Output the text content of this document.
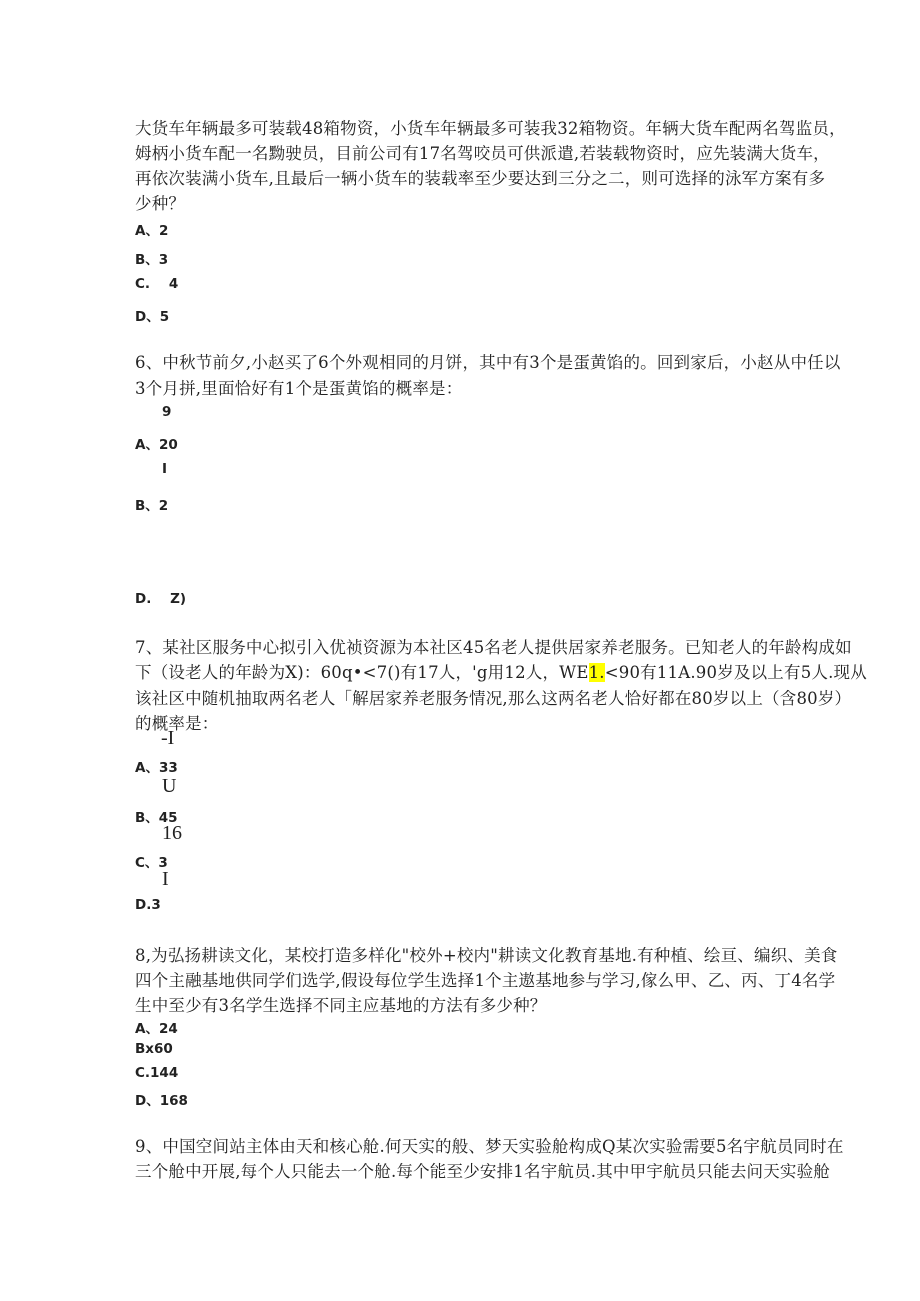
大货车年辆最多可装载48箱物资，小货车年辆最多可装我32箱物资。年辆大货车配两名驾监员，
姆柄小货车配一名黝驶员，目前公司有17名驾咬员可供派遣,若装载物资时，应先装满大货车，
再依次装满小货车,且最后一辆小货车的装载率至少要达到三分之二，则可选择的泳军方案有多
少种？
A、2
B、3
C.    4
D、5
6、中秋节前夕,小赵买了6个外观相同的月饼，其中有3个是蛋黄馅的。回到家后，小赵从中任以
3个月拼,里面恰好有1个是蛋黄馅的概率是：
9
A、20
I
B、2
D.    Z)
7、某社区服务中心拟引入优祯资源为本社区45名老人提供居家养老服务。已知老人的年龄构成如
下（设老人的年龄为X)：60q•<7()有17人，'g用12人，WE1.<90有11A.90岁及以上有5人.现从
该社区中随机抽取两名老人「解居家养老服务情况,那么这两名老人恰好都在80岁以上（含80岁）
的概率是：
-I
A、33
U
B、45
16
C、3
I
D.3
8,为弘扬耕读文化，某校打造多样化"校外+校内"耕读文化教育基地.有种植、绘亘、编织、美食
四个主融基地供同学们选学,假设每位学生选择1个主遨基地参与学习,傢么甲、乙、丙、丁4名学
生中至少有3名学生选择不同主应基地的方法有多少种？
A、24
Bx60
C.144
D、168
9、中国空间站主体由天和核心舱.何天实的般、梦天实验舱构成Q某次实验需要5名宇航员同时在
三个舱中开展,每个人只能去一个舱.每个能至少安排1名宇航员.其中甲宇航员只能去问天实验舱
